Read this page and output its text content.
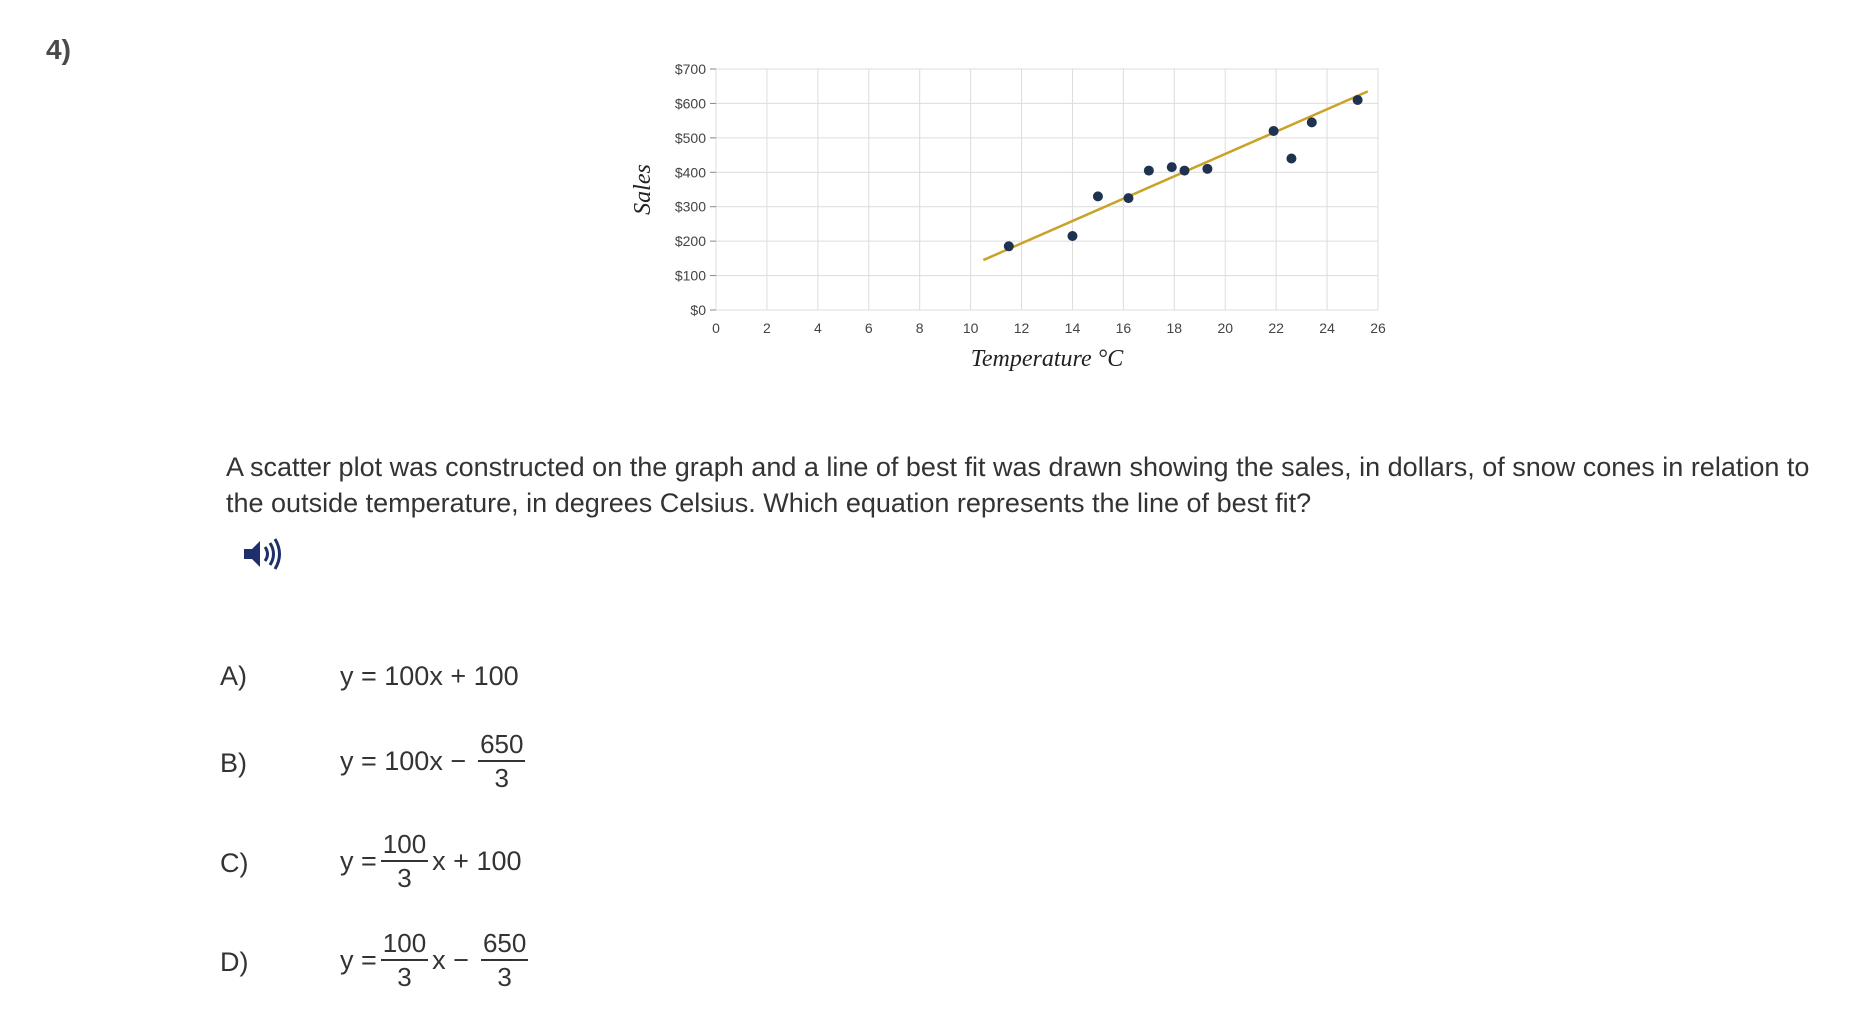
4)
0	2	4	6	8	10	12	14	16	18	20	22	24	26
$0
$100
$200
$300
$400
$500
$600
$700
Temperature °C
Sales
A scatter plot was constructed on the graph and a line of best fit was drawn showing the sales, in dollars, of snow cones in relation to the outside temperature, in degrees Celsius. Which equation represents the line of best fit?
A)	y = 100x + 100
B)	$y = 100x - \frac{650}{3}$
C)	$y = \frac{100}{3}$ x + 100
D)	$y = \frac{100}{3}$ $x - \frac{650}{3}$
